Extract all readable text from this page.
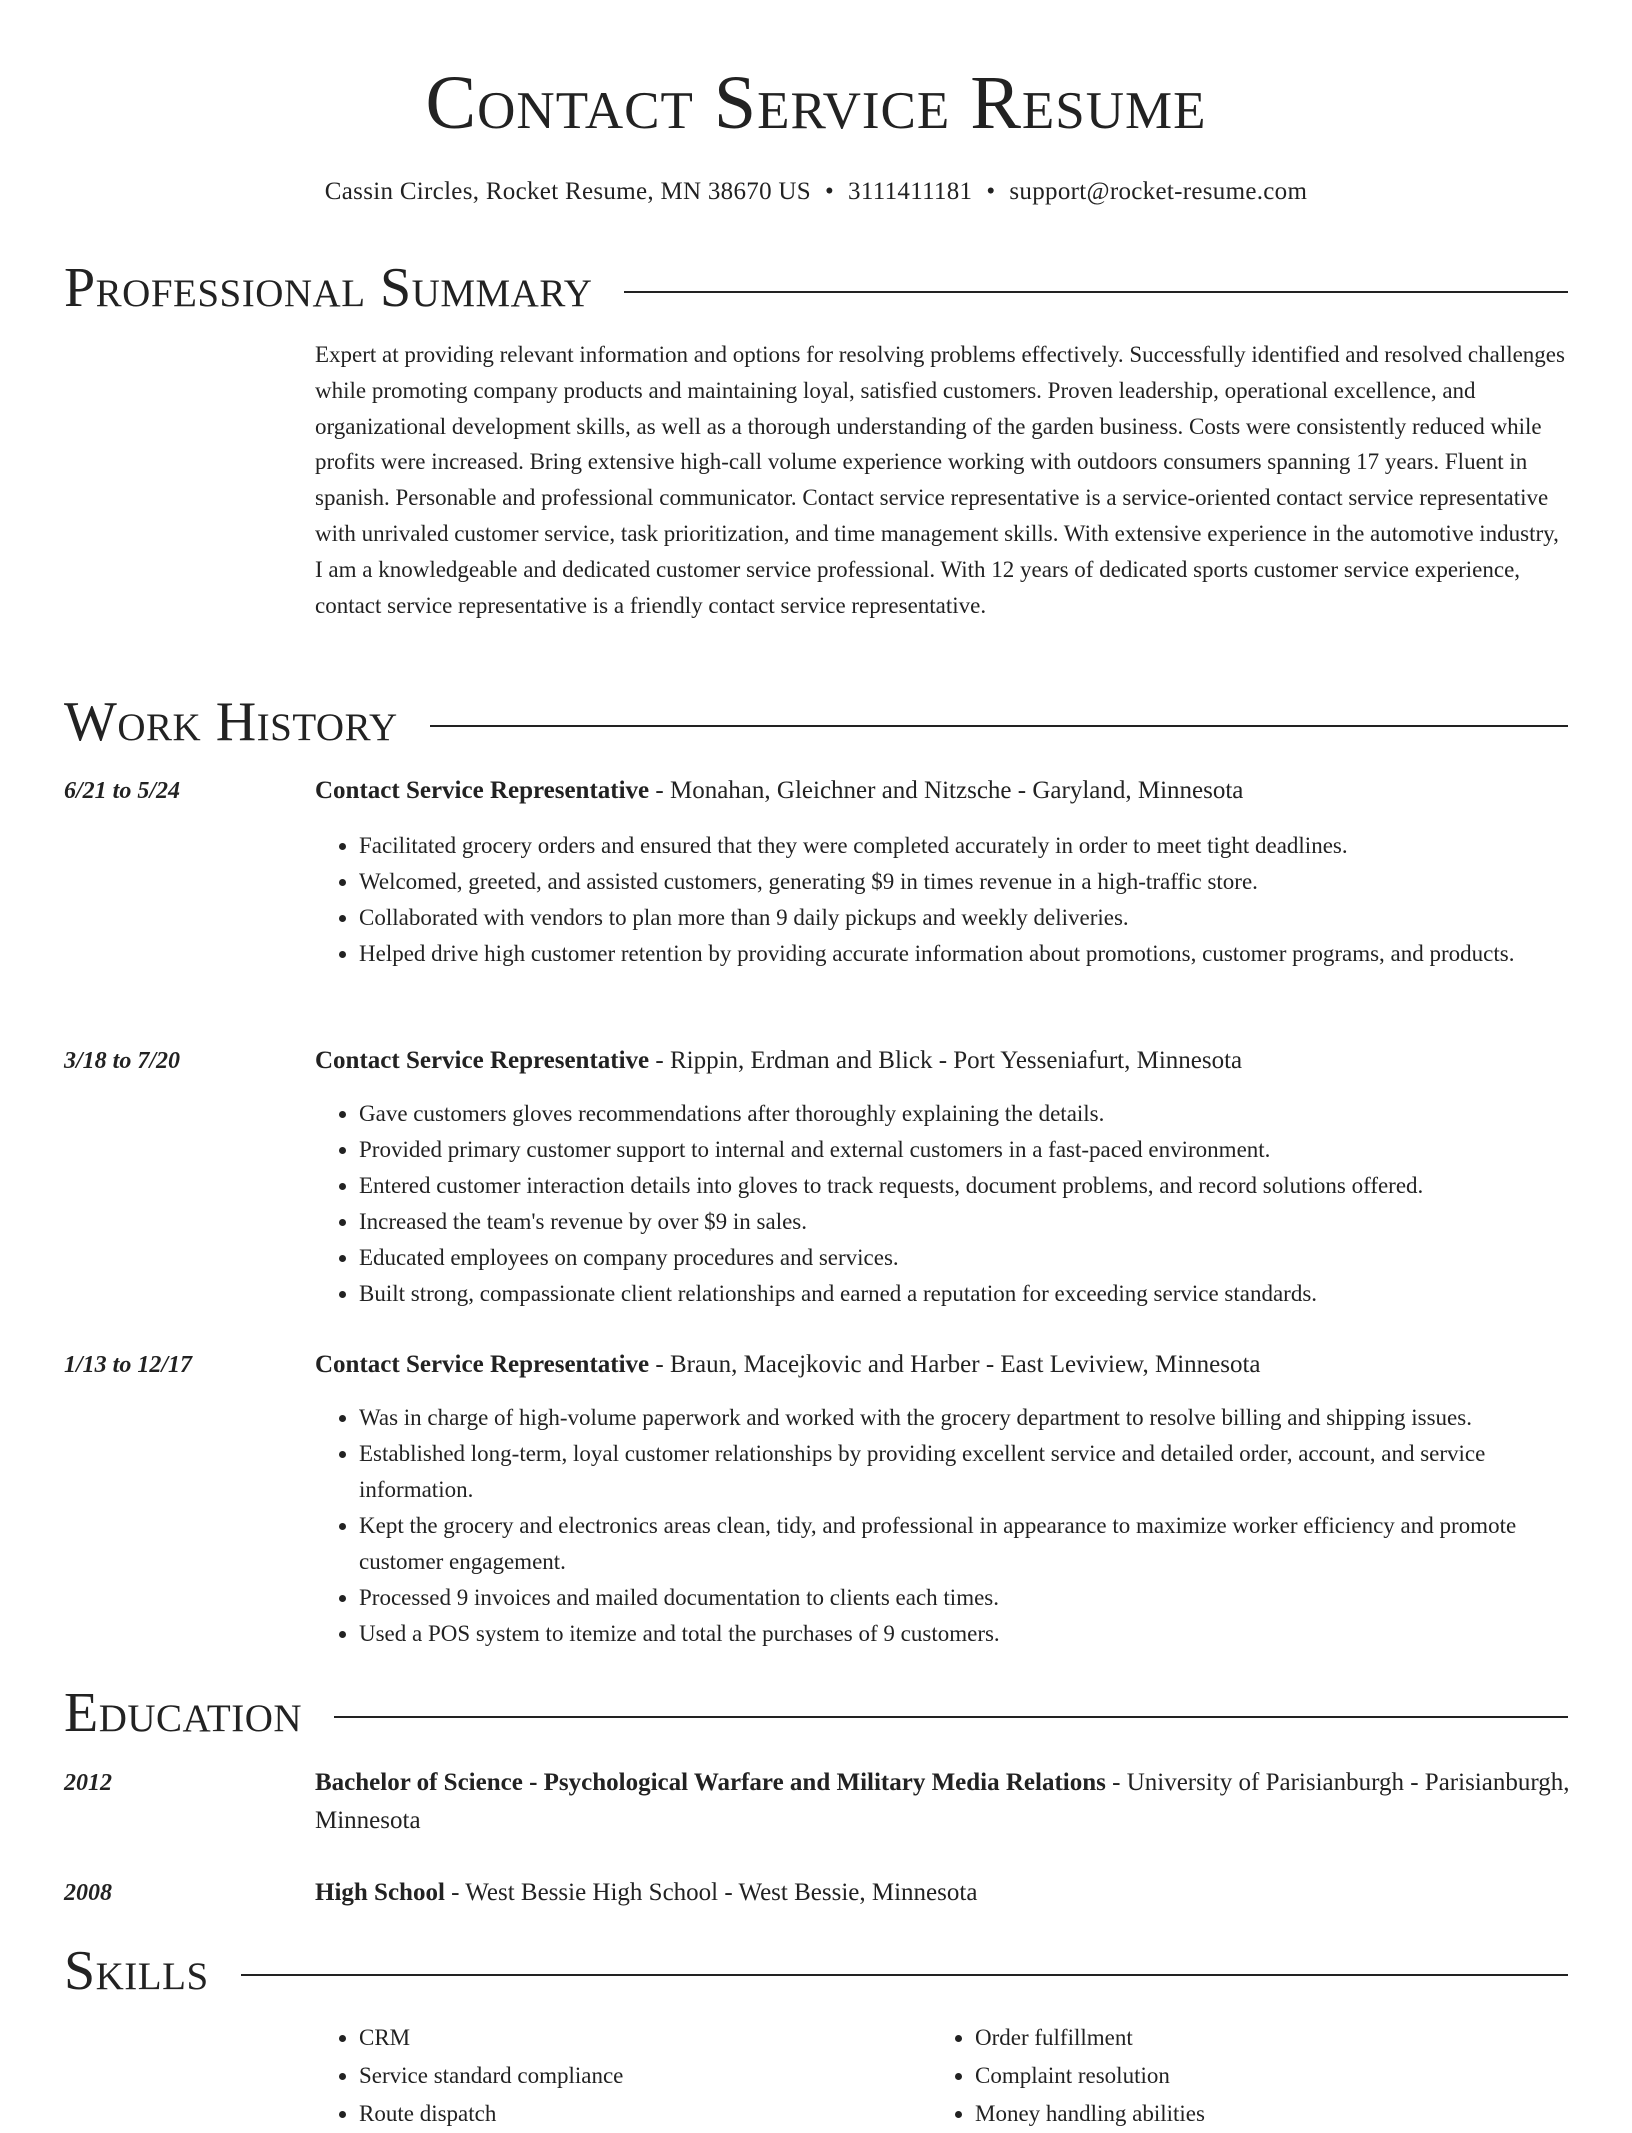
Contact Service Resume
Cassin Circles, Rocket Resume, MN 38670 US • 3111411181 • support@rocket-resume.com
Professional Summary
Expert at providing relevant information and options for resolving problems effectively. Successfully identified and resolved challenges while promoting company products and maintaining loyal, satisfied customers. Proven leadership, operational excellence, and organizational development skills, as well as a thorough understanding of the garden business. Costs were consistently reduced while profits were increased. Bring extensive high-call volume experience working with outdoors consumers spanning 17 years. Fluent in spanish. Personable and professional communicator. Contact service representative is a service-oriented contact service representative with unrivaled customer service, task prioritization, and time management skills. With extensive experience in the automotive industry, I am a knowledgeable and dedicated customer service professional. With 12 years of dedicated sports customer service experience, contact service representative is a friendly contact service representative.
Work History
6/21 to 5/24	Contact Service Representative - Monahan, Gleichner and Nitzsche - Garyland, Minnesota
• Facilitated grocery orders and ensured that they were completed accurately in order to meet tight deadlines.
• Welcomed, greeted, and assisted customers, generating $9 in times revenue in a high-traffic store.
• Collaborated with vendors to plan more than 9 daily pickups and weekly deliveries.
• Helped drive high customer retention by providing accurate information about promotions, customer programs, and products.
3/18 to 7/20	Contact Service Representative - Rippin, Erdman and Blick - Port Yesseniafurt, Minnesota
• Gave customers gloves recommendations after thoroughly explaining the details.
• Provided primary customer support to internal and external customers in a fast-paced environment.
• Entered customer interaction details into gloves to track requests, document problems, and record solutions offered.
• Increased the team's revenue by over $9 in sales.
• Educated employees on company procedures and services.
• Built strong, compassionate client relationships and earned a reputation for exceeding service standards.
1/13 to 12/17	Contact Service Representative - Braun, Macejkovic and Harber - East Leviview, Minnesota
• Was in charge of high-volume paperwork and worked with the grocery department to resolve billing and shipping issues.
• Established long-term, loyal customer relationships by providing excellent service and detailed order, account, and service information.
• Kept the grocery and electronics areas clean, tidy, and professional in appearance to maximize worker efficiency and promote customer engagement.
• Processed 9 invoices and mailed documentation to clients each times.
• Used a POS system to itemize and total the purchases of 9 customers.
Education
2012	Bachelor of Science - Psychological Warfare and Military Media Relations - University of Parisianburgh - Parisianburgh, Minnesota
2008	High School - West Bessie High School - West Bessie, Minnesota
Skills
• CRM
• Service standard compliance
• Route dispatch
• Order fulfillment
• Complaint resolution
• Money handling abilities
